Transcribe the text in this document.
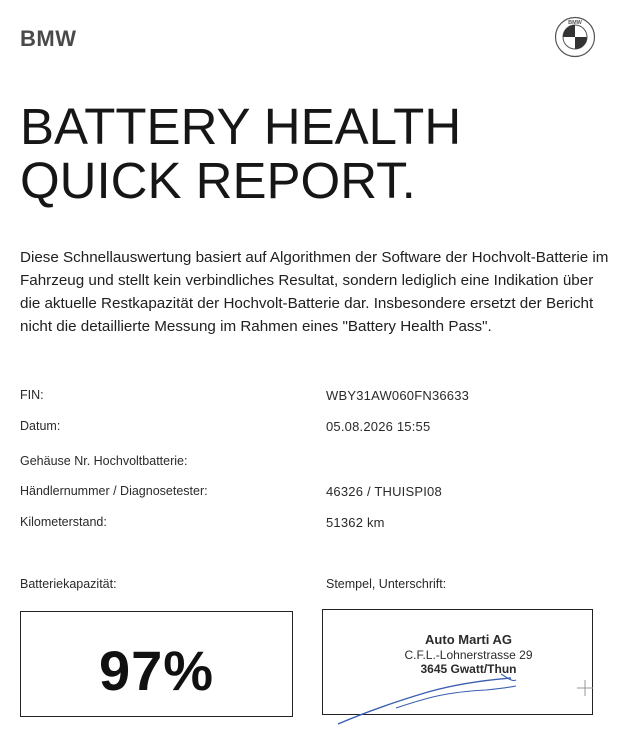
BMW
BMW
BATTERY HEALTH
QUICK REPORT.

Diese Schnellauswertung basiert auf Algorithmen der Software der Hochvolt-Batterie im Fahrzeug und stellt kein verbindliches Resultat, sondern lediglich eine Indikation über die aktuelle Restkapazität der Hochvolt-Batterie dar. Insbesondere ersetzt der Bericht nicht die detaillierte Messung im Rahmen eines "Battery Health Pass".

FIN:	WBY31AW060FN36633
Datum:	05.08.2026 15:55
Gehäuse Nr. Hochvoltbatterie:
Händlernummer / Diagnosetester:	46326 / THUISPI08
Kilometerstand:	51362 km
Batteriekapazität:	Stempel, Unterschrift:
97%	Auto Marti AG
C.F.L.-Lohnerstrasse 29
3645 Gwatt/Thun
